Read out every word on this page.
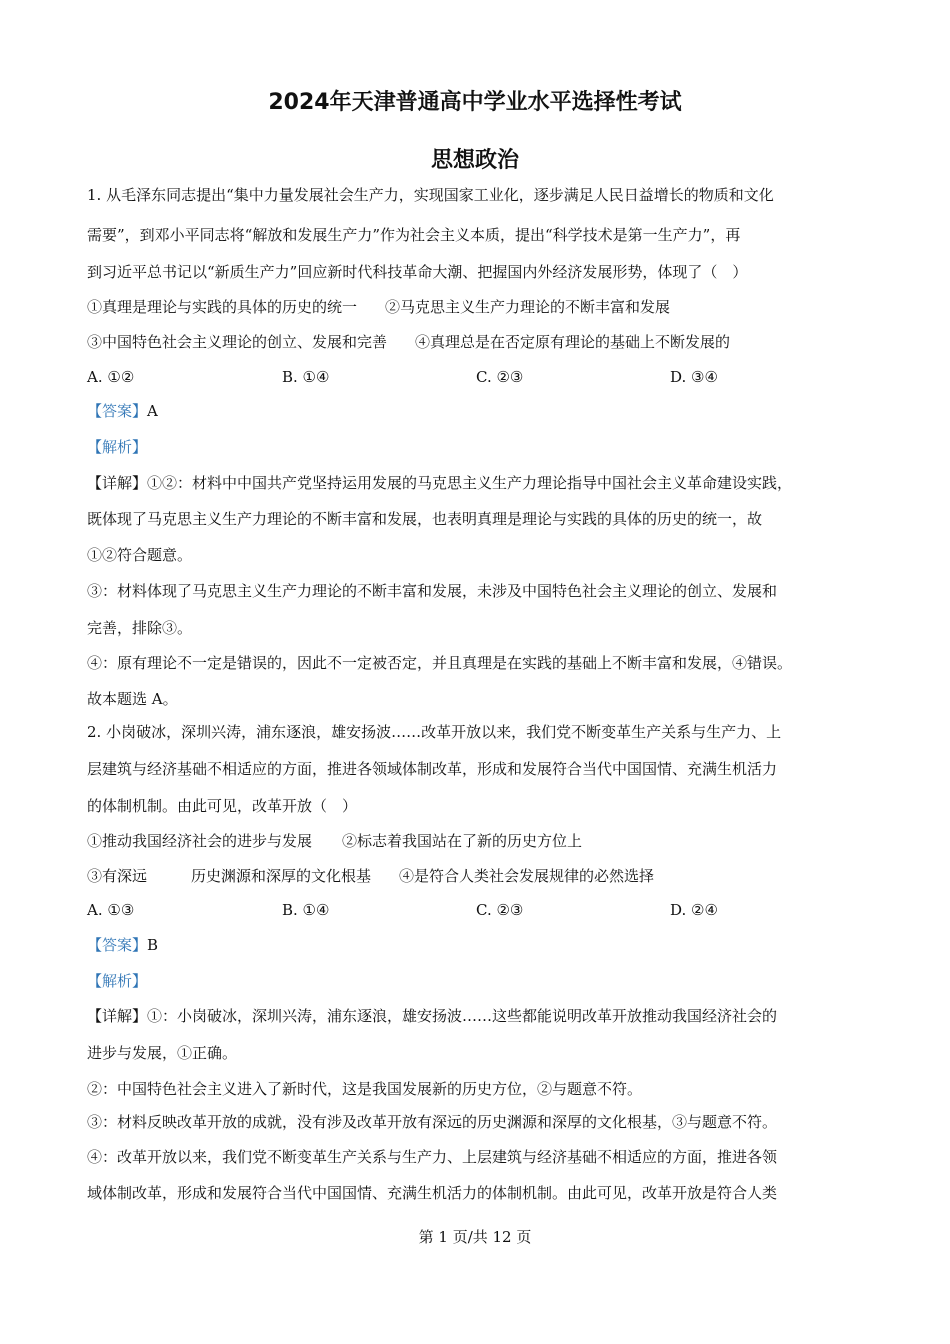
2024年天津普通高中学业水平选择性考试
思想政治
1. 从毛泽东同志提出“集中力量发展社会生产力，实现国家工业化，逐步满足人民日益增长的物质和文化
需要”，到邓小平同志将“解放和发展生产力”作为社会主义本质，提出“科学技术是第一生产力”，再
到习近平总书记以“新质生产力”回应新时代科技革命大潮、把握国内外经济发展形势，体现了（　）
①真理是理论与实践的具体的历史的统一 ②马克思主义生产力理论的不断丰富和发展
③中国特色社会主义理论的创立、发展和完善 ④真理总是在否定原有理论的基础上不断发展的
A. ①②	B. ①④	C. ②③	D. ③④
【答案】A
【解析】
【详解】①②：材料中中国共产党坚持运用发展的马克思主义生产力理论指导中国社会主义革命建设实践，
既体现了马克思主义生产力理论的不断丰富和发展，也表明真理是理论与实践的具体的历史的统一，故
①②符合题意。
③：材料体现了马克思主义生产力理论的不断丰富和发展，未涉及中国特色社会主义理论的创立、发展和
完善，排除③。
④：原有理论不一定是错误的，因此不一定被否定，并且真理是在实践的基础上不断丰富和发展，④错误。
故本题选 A。
2. 小岗破冰，深圳兴涛，浦东逐浪，雄安扬波……改革开放以来，我们党不断变革生产关系与生产力、上
层建筑与经济基础不相适应的方面，推进各领域体制改革，形成和发展符合当代中国国情、充满生机活力
的体制机制。由此可见，改革开放（　）
①推动我国经济社会的进步与发展 ②标志着我国站在了新的历史方位上
③有深远	历史渊源和深厚的文化根基 ④是符合人类社会发展规律的必然选择
A. ①③	B. ①④	C. ②③	D. ②④
【答案】B
【解析】
【详解】①：小岗破冰，深圳兴涛，浦东逐浪，雄安扬波……这些都能说明改革开放推动我国经济社会的
进步与发展，①正确。
②：中国特色社会主义进入了新时代，这是我国发展新的历史方位，②与题意不符。
③：材料反映改革开放的成就，没有涉及改革开放有深远的历史渊源和深厚的文化根基，③与题意不符。
④：改革开放以来，我们党不断变革生产关系与生产力、上层建筑与经济基础不相适应的方面，推进各领
域体制改革，形成和发展符合当代中国国情、充满生机活力的体制机制。由此可见，改革开放是符合人类
第 1 页/共 12 页
